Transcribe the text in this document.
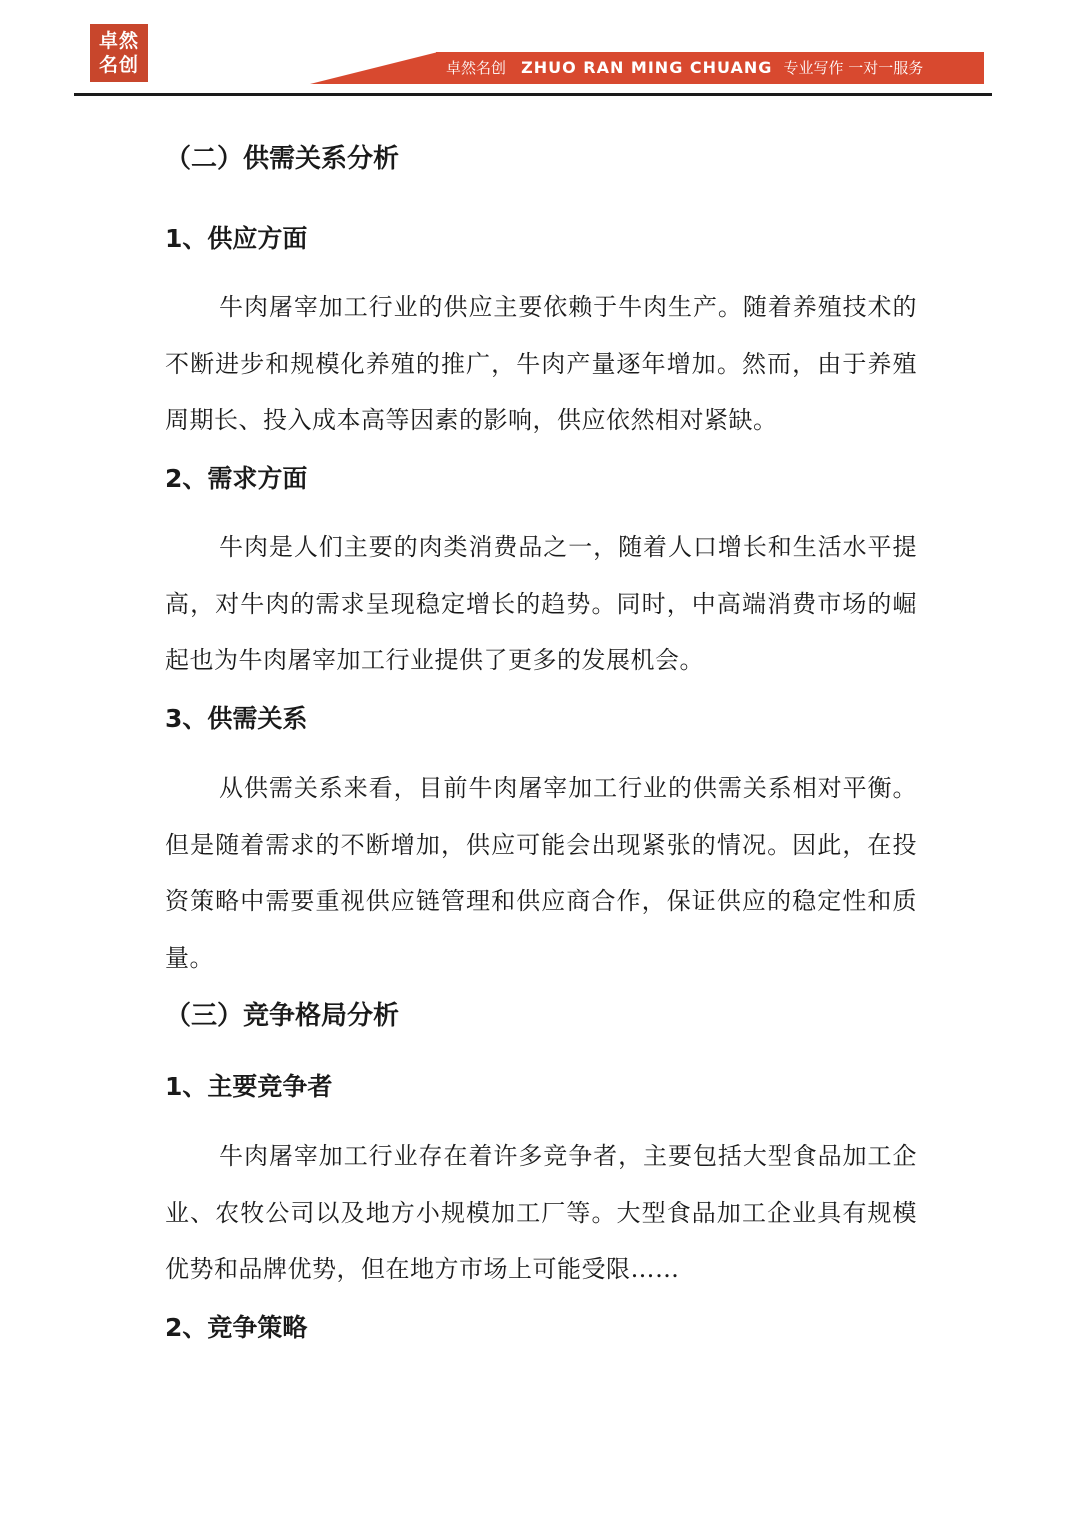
卓然
名创	卓然名创 ZHUO RAN MING CHUANG 专业写作 一对一服务
（二）供需关系分析
1、供应方面

牛肉屠宰加工行业的供应主要依赖于牛肉生产。随着养殖技术的不断进步和规模化养殖的推广，牛肉产量逐年增加。然而，由于养殖周期长、投入成本高等因素的影响，供应依然相对紧缺。

2、需求方面

牛肉是人们主要的肉类消费品之一，随着人口增长和生活水平提高，对牛肉的需求呈现稳定增长的趋势。同时，中高端消费市场的崛起也为牛肉屠宰加工行业提供了更多的发展机会。

3、供需关系

从供需关系来看，目前牛肉屠宰加工行业的供需关系相对平衡。但是随着需求的不断增加，供应可能会出现紧张的情况。因此，在投资策略中需要重视供应链管理和供应商合作，保证供应的稳定性和质量。

（三）竞争格局分析
1、主要竞争者

牛肉屠宰加工行业存在着许多竞争者，主要包括大型食品加工企业、农牧公司以及地方小规模加工厂等。大型食品加工企业具有规模优势和品牌优势，但在地方市场上可能受限……

2、竞争策略
